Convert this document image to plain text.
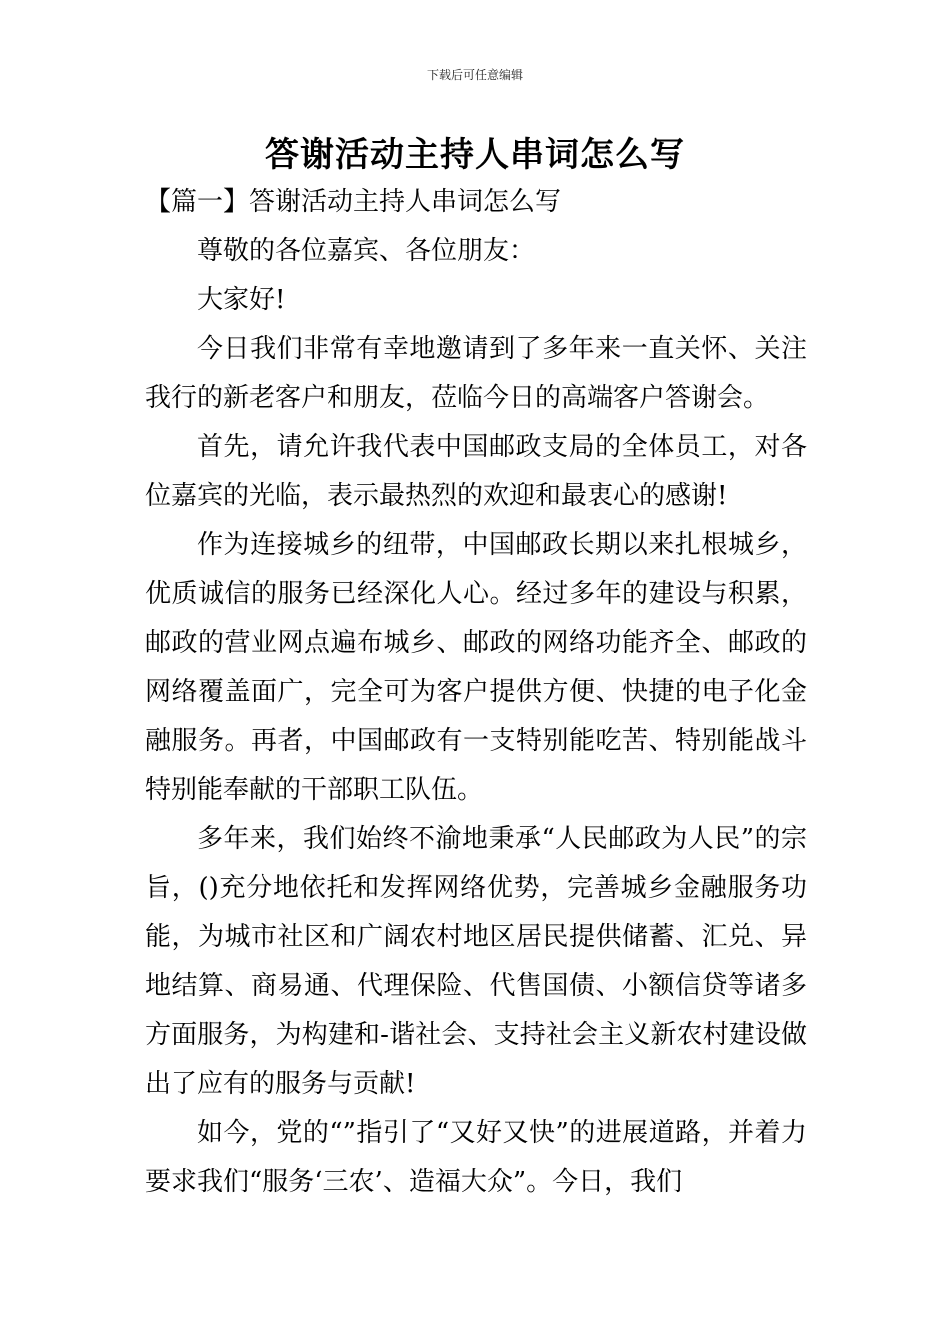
下载后可任意编辑
答谢活动主持人串词怎么写
【篇一】答谢活动主持人串词怎么写

尊敬的各位嘉宾、各位朋友：

大家好!

今日我们非常有幸地邀请到了多年来一直关怀、关注我行的新老客户和朋友，莅临今日的高端客户答谢会。

首先，请允许我代表中国邮政支局的全体员工，对各位嘉宾的光临，表示最热烈的欢迎和最衷心的感谢!

作为连接城乡的纽带，中国邮政长期以来扎根城乡，优质诚信的服务已经深化人心。经过多年的建设与积累，邮政的营业网点遍布城乡、邮政的网络功能齐全、邮政的网络覆盖面广，完全可为客户提供方便、快捷的电子化金融服务。再者，中国邮政有一支特别能吃苦、特别能战斗特别能奉献的干部职工队伍。

多年来，我们始终不渝地秉承“人民邮政为人民”的宗旨，()充分地依托和发挥网络优势，完善城乡金融服务功能，为城市社区和广阔农村地区居民提供储蓄、汇兑、异地结算、商易通、代理保险、代售国债、小额信贷等诸多方面服务，为构建和-谐社会、支持社会主义新农村建设做出了应有的服务与贡献!

如今，党的“”指引了“又好又快”的进展道路，并着力要求我们“服务‘三农’、造福大众”。今日，我们
